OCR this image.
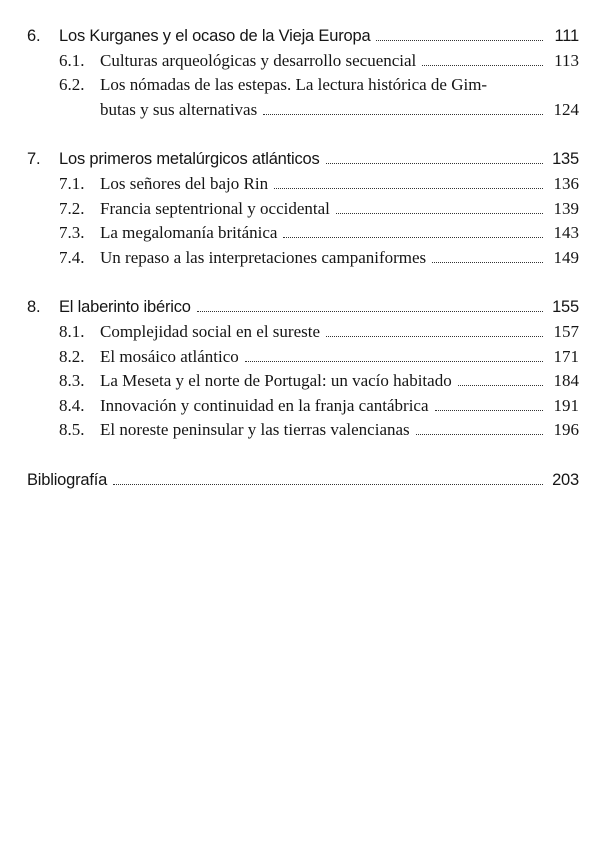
6.	Los Kurganes y el ocaso de la Vieja Europa	111
6.1. Culturas arqueológicas y desarrollo secuencial	113
6.2. Los nómadas de las estepas. La lectura histórica de Gim-
butas y sus alternativas	124
7.	Los primeros metalúrgicos atlánticos	135
7.1. Los señores del bajo Rin	136
7.2. Francia septentrional y occidental	139
7.3. La megalomanía británica	143
7.4. Un repaso a las interpretaciones campaniformes	149
8.	El laberinto ibérico	155
8.1. Complejidad social en el sureste	157
8.2. El mosáico atlántico	171
8.3. La Meseta y el norte de Portugal: un vacío habitado	184
8.4. Innovación y continuidad en la franja cantábrica	191
8.5. El noreste peninsular y las tierras valencianas	196
Bibliografía	203
